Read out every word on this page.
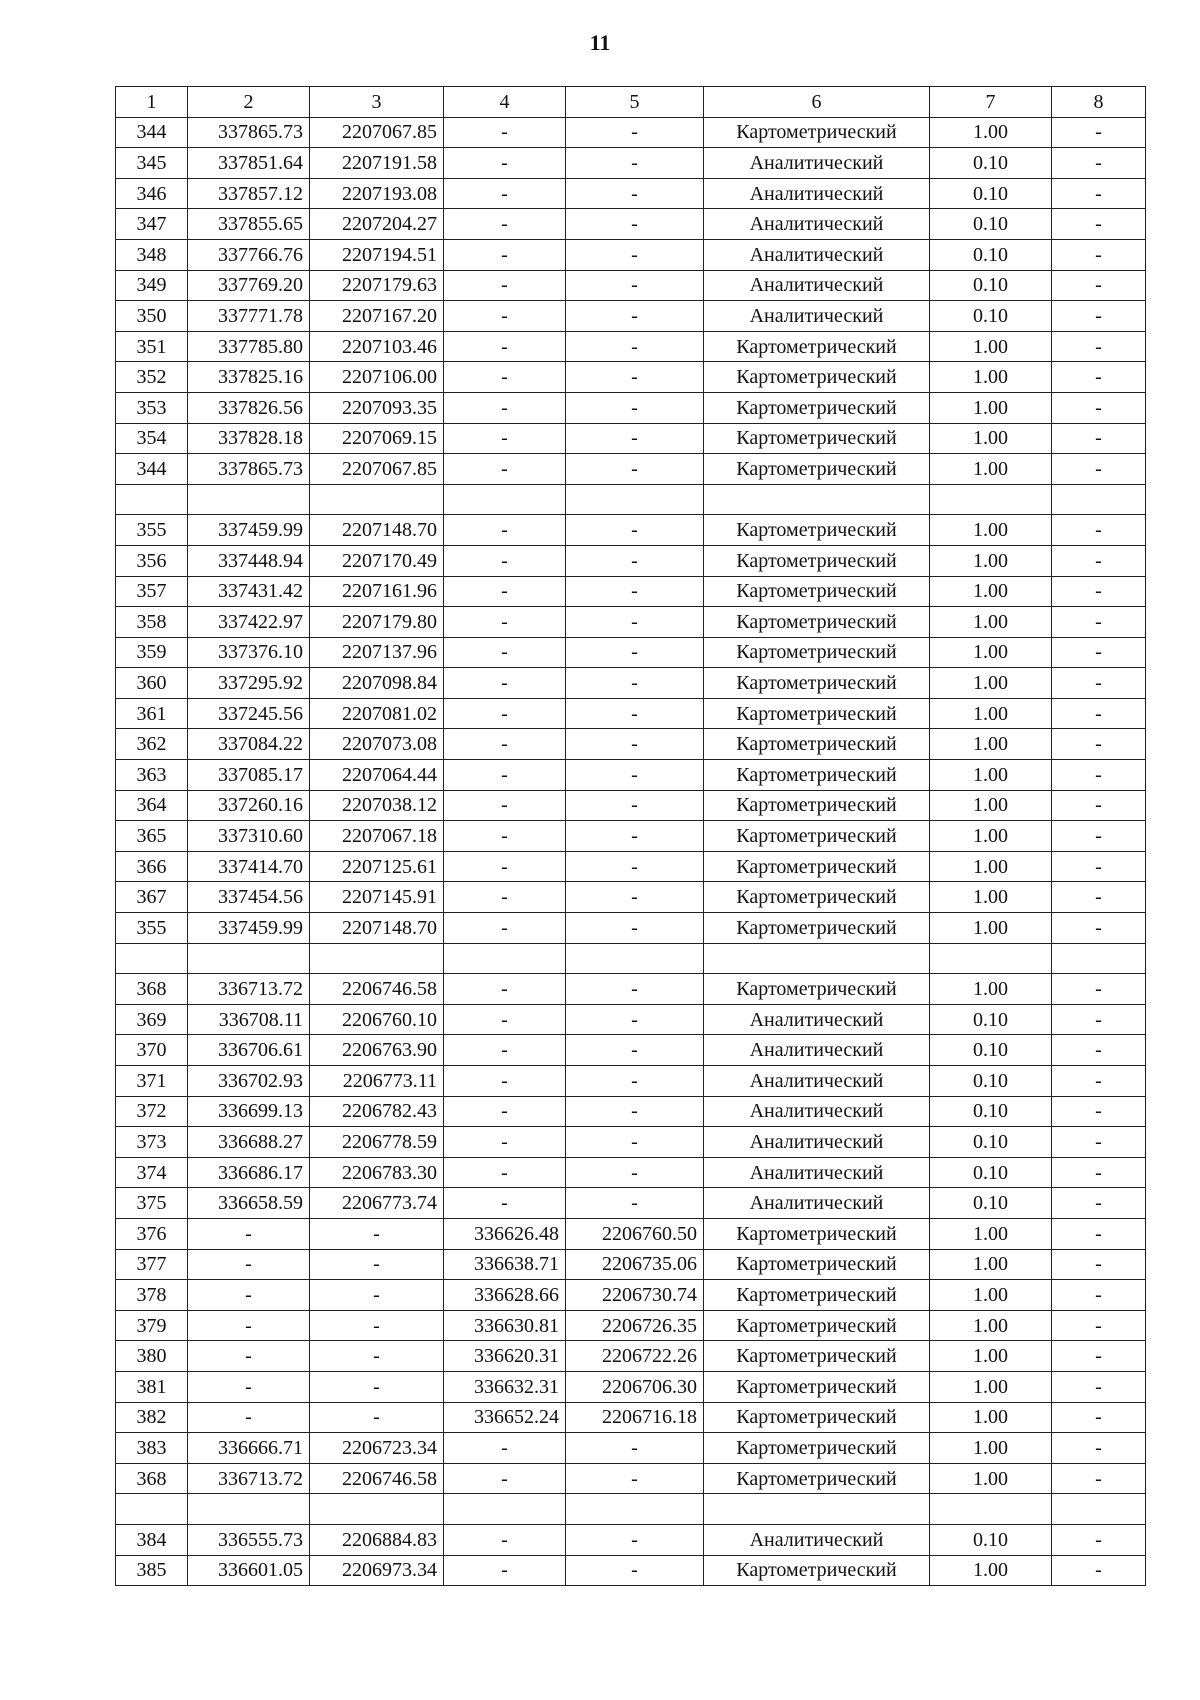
11
1	2	3	4	5	6	7	8
344	337865.73	2207067.85	-	-	Картометрический	1.00	-
345	337851.64	2207191.58	-	-	Аналитический	0.10	-
346	337857.12	2207193.08	-	-	Аналитический	0.10	-
347	337855.65	2207204.27	-	-	Аналитический	0.10	-
348	337766.76	2207194.51	-	-	Аналитический	0.10	-
349	337769.20	2207179.63	-	-	Аналитический	0.10	-
350	337771.78	2207167.20	-	-	Аналитический	0.10	-
351	337785.80	2207103.46	-	-	Картометрический	1.00	-
352	337825.16	2207106.00	-	-	Картометрический	1.00	-
353	337826.56	2207093.35	-	-	Картометрический	1.00	-
354	337828.18	2207069.15	-	-	Картометрический	1.00	-
344	337865.73	2207067.85	-	-	Картометрический	1.00	-

355	337459.99	2207148.70	-	-	Картометрический	1.00	-
356	337448.94	2207170.49	-	-	Картометрический	1.00	-
357	337431.42	2207161.96	-	-	Картометрический	1.00	-
358	337422.97	2207179.80	-	-	Картометрический	1.00	-
359	337376.10	2207137.96	-	-	Картометрический	1.00	-
360	337295.92	2207098.84	-	-	Картометрический	1.00	-
361	337245.56	2207081.02	-	-	Картометрический	1.00	-
362	337084.22	2207073.08	-	-	Картометрический	1.00	-
363	337085.17	2207064.44	-	-	Картометрический	1.00	-
364	337260.16	2207038.12	-	-	Картометрический	1.00	-
365	337310.60	2207067.18	-	-	Картометрический	1.00	-
366	337414.70	2207125.61	-	-	Картометрический	1.00	-
367	337454.56	2207145.91	-	-	Картометрический	1.00	-
355	337459.99	2207148.70	-	-	Картометрический	1.00	-

368	336713.72	2206746.58	-	-	Картометрический	1.00	-
369	336708.11	2206760.10	-	-	Аналитический	0.10	-
370	336706.61	2206763.90	-	-	Аналитический	0.10	-
371	336702.93	2206773.11	-	-	Аналитический	0.10	-
372	336699.13	2206782.43	-	-	Аналитический	0.10	-
373	336688.27	2206778.59	-	-	Аналитический	0.10	-
374	336686.17	2206783.30	-	-	Аналитический	0.10	-
375	336658.59	2206773.74	-	-	Аналитический	0.10	-
376	-	-	336626.48	2206760.50	Картометрический	1.00	-
377	-	-	336638.71	2206735.06	Картометрический	1.00	-
378	-	-	336628.66	2206730.74	Картометрический	1.00	-
379	-	-	336630.81	2206726.35	Картометрический	1.00	-
380	-	-	336620.31	2206722.26	Картометрический	1.00	-
381	-	-	336632.31	2206706.30	Картометрический	1.00	-
382	-	-	336652.24	2206716.18	Картометрический	1.00	-
383	336666.71	2206723.34	-	-	Картометрический	1.00	-
368	336713.72	2206746.58	-	-	Картометрический	1.00	-

384	336555.73	2206884.83	-	-	Аналитический	0.10	-
385	336601.05	2206973.34	-	-	Картометрический	1.00	-
